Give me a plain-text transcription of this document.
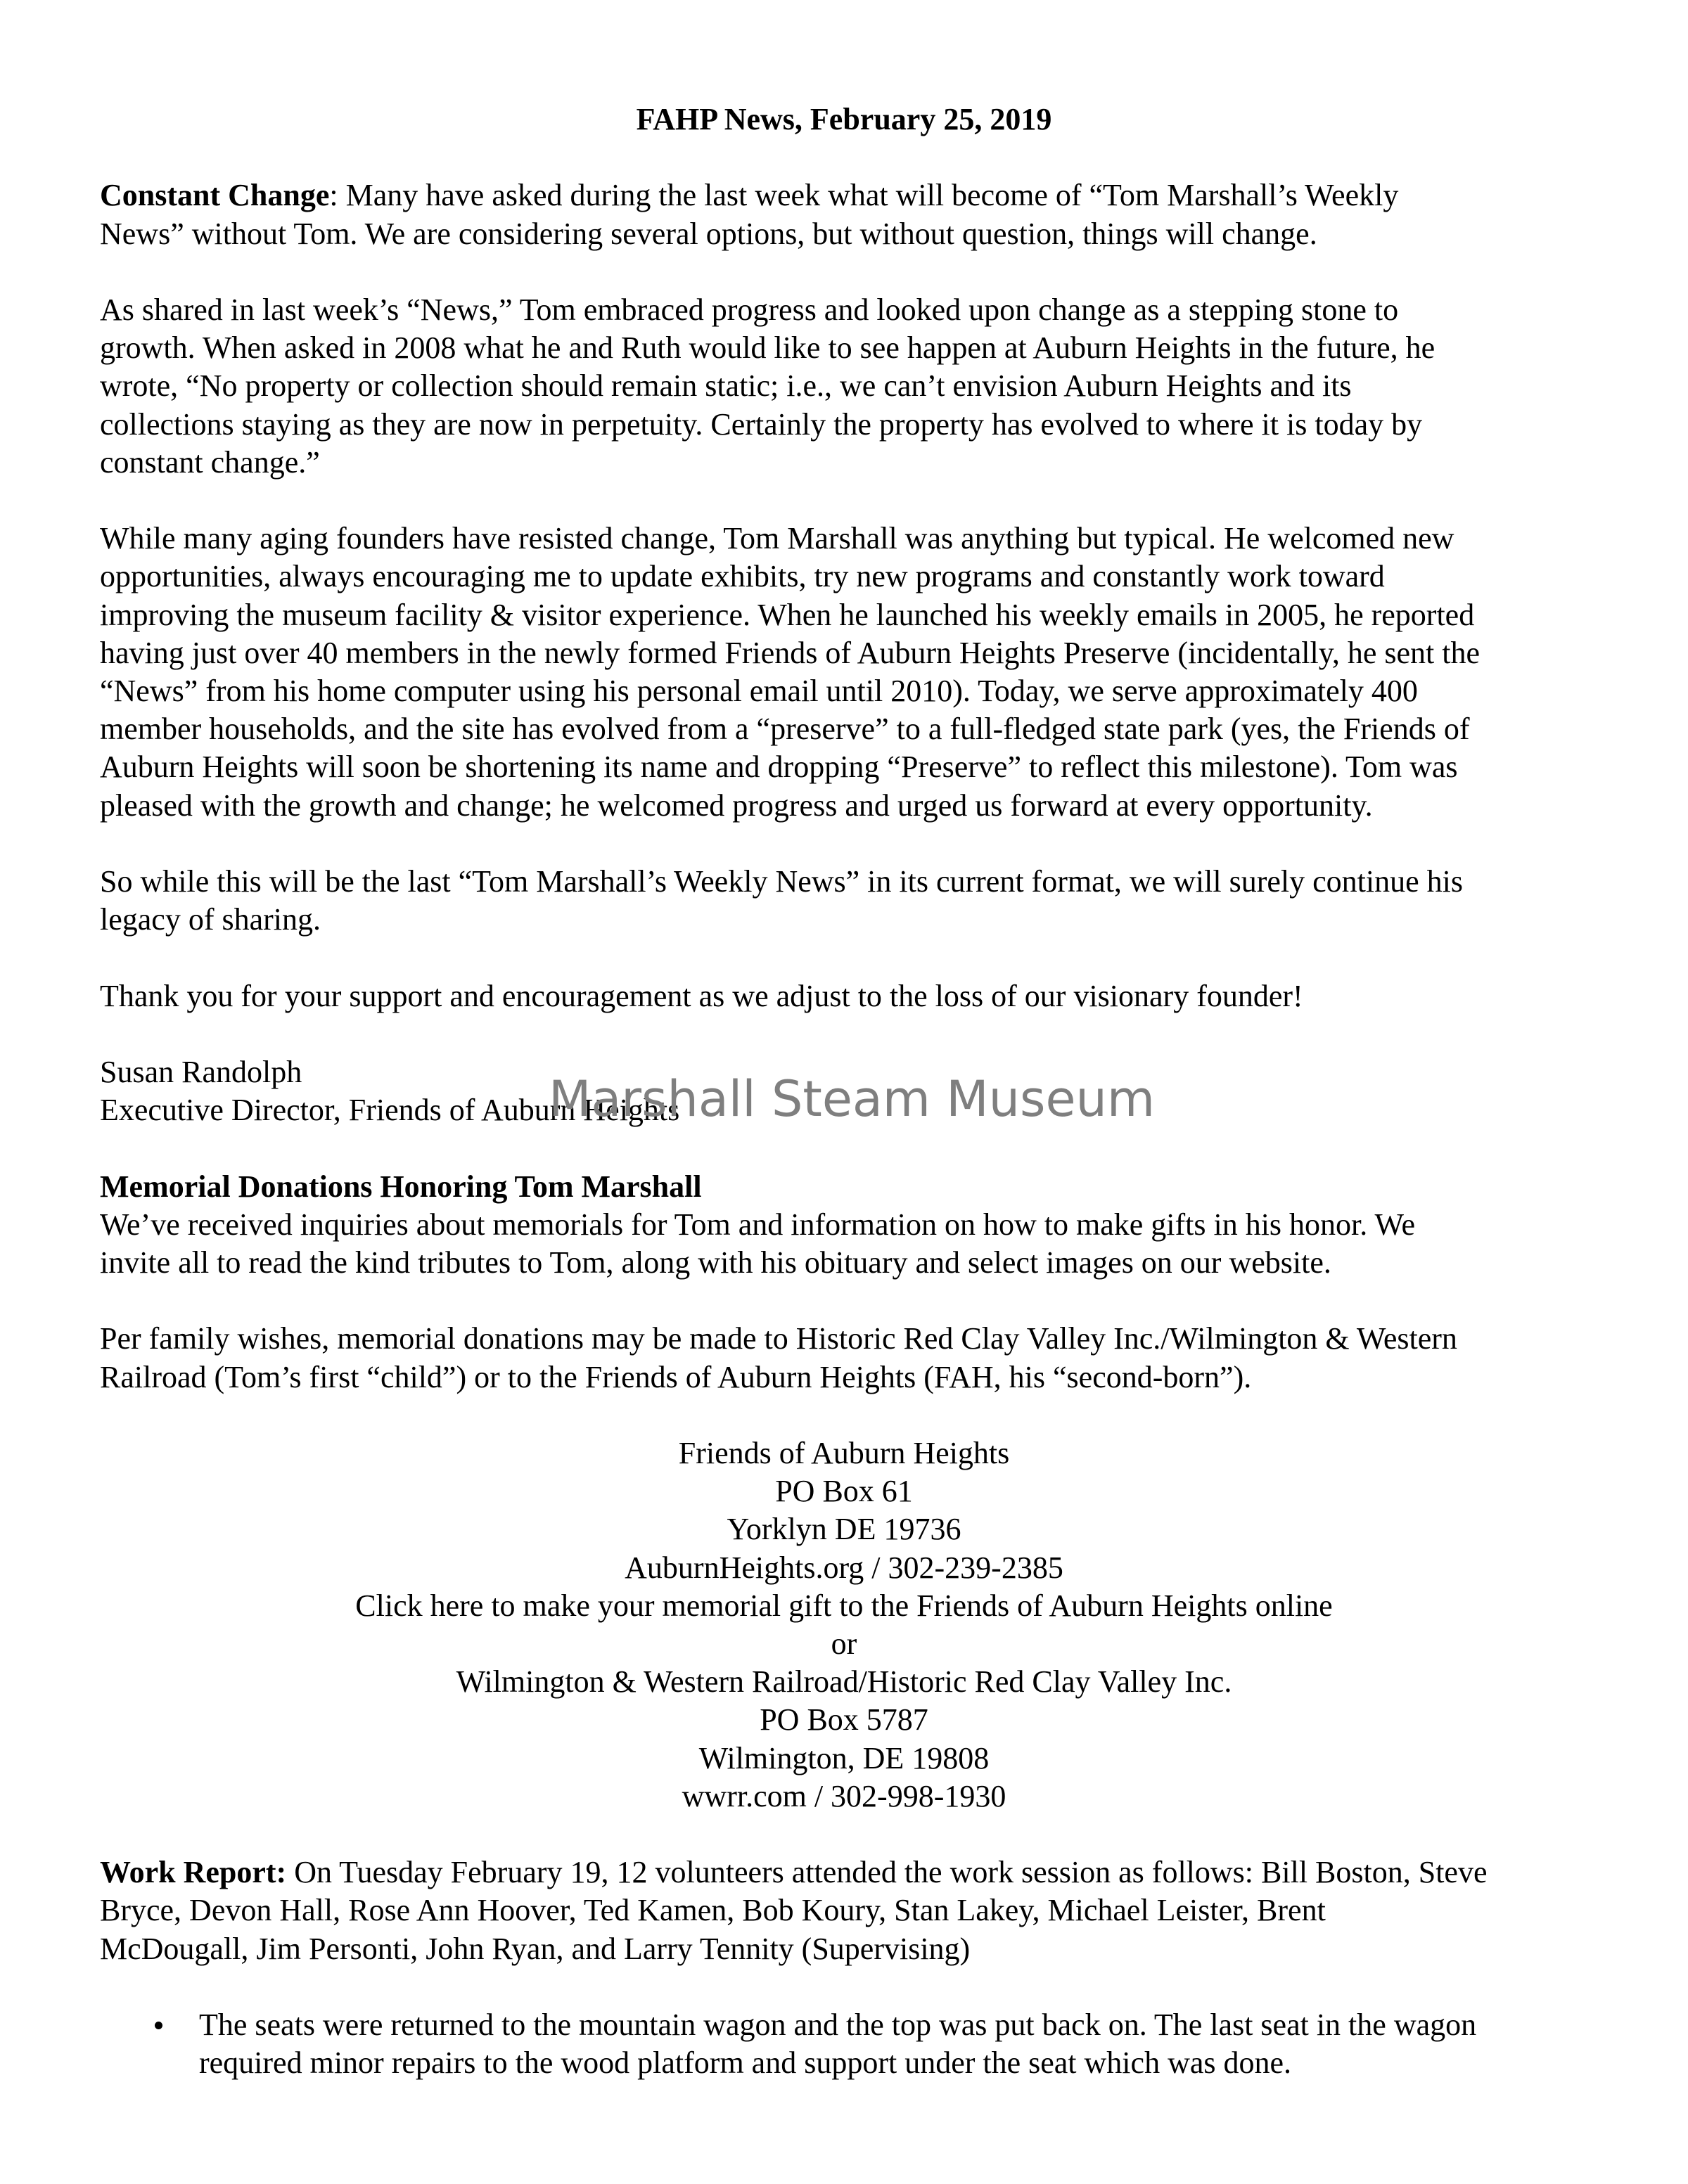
FAHP News, February 25, 2019
Constant Change: Many have asked during the last week what will become of “Tom Marshall’s Weekly
News” without Tom. We are considering several options, but without question, things will change.
As shared in last week’s “News,” Tom embraced progress and looked upon change as a stepping stone to
growth. When asked in 2008 what he and Ruth would like to see happen at Auburn Heights in the future, he
wrote, “No property or collection should remain static; i.e., we can’t envision Auburn Heights and its
collections staying as they are now in perpetuity. Certainly the property has evolved to where it is today by
constant change.”
While many aging founders have resisted change, Tom Marshall was anything but typical. He welcomed new
opportunities, always encouraging me to update exhibits, try new programs and constantly work toward
improving the museum facility & visitor experience. When he launched his weekly emails in 2005, he reported
having just over 40 members in the newly formed Friends of Auburn Heights Preserve (incidentally, he sent the
“News” from his home computer using his personal email until 2010). Today, we serve approximately 400
member households, and the site has evolved from a “preserve” to a full-fledged state park (yes, the Friends of
Auburn Heights will soon be shortening its name and dropping “Preserve” to reflect this milestone). Tom was
pleased with the growth and change; he welcomed progress and urged us forward at every opportunity.
So while this will be the last “Tom Marshall’s Weekly News” in its current format, we will surely continue his
legacy of sharing.
Thank you for your support and encouragement as we adjust to the loss of our visionary founder!
Susan Randolph
Executive Director, Friends of Auburn Heights
Memorial Donations Honoring Tom Marshall
We’ve received inquiries about memorials for Tom and information on how to make gifts in his honor. We
invite all to read the kind tributes to Tom, along with his obituary and select images on our website.
Per family wishes, memorial donations may be made to Historic Red Clay Valley Inc./Wilmington & Western
Railroad (Tom’s first “child”) or to the Friends of Auburn Heights (FAH, his “second-born”).
Friends of Auburn Heights
PO Box 61
Yorklyn DE 19736
AuburnHeights.org / 302-239-2385
Click here to make your memorial gift to the Friends of Auburn Heights online
or
Wilmington & Western Railroad/Historic Red Clay Valley Inc.
PO Box 5787
Wilmington, DE 19808
wwrr.com / 302-998-1930
Work Report: On Tuesday February 19, 12 volunteers attended the work session as follows: Bill Boston, Steve
Bryce, Devon Hall, Rose Ann Hoover, Ted Kamen, Bob Koury, Stan Lakey, Michael Leister, Brent
McDougall, Jim Personti, John Ryan, and Larry Tennity (Supervising)
The seats were returned to the mountain wagon and the top was put back on. The last seat in the wagon
required minor repairs to the wood platform and support under the seat which was done.
Marshall Steam Museum
